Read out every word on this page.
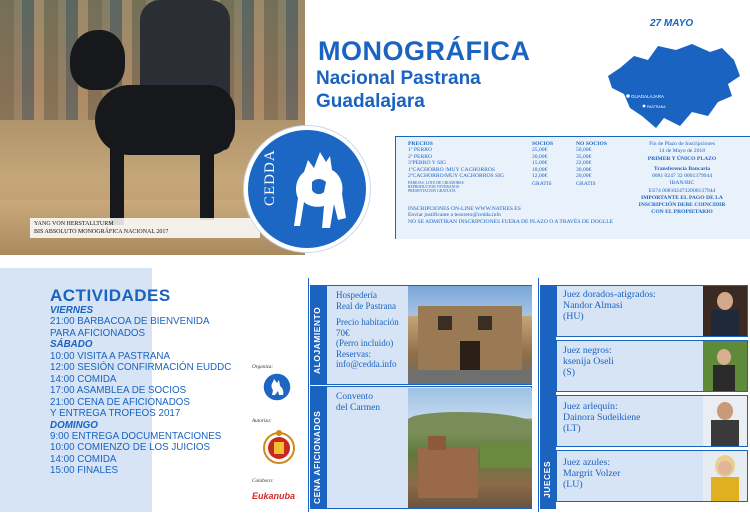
YANG VON HERSTALLTURM
BIS ABSOLUTO MONOGRÁFICA NACIONAL 2017
CEDDA
27 MAYO
MONOGRÁFICA
Nacional Pastrana
Guadalajara	GUADALAJARA
PASTRANA
PRECIOS
1º PERRO
2º PERRO
3ºPERRO Y SIG
1ºCACHORRO /MUY CACHORROS
2ºCACHORRO/MUY CACHORROS SIG
PAREJAS, LOTE DE CRIADORES
REPRODUCTOR VETERANOS
PRESENTACION GRATUITA
SOCIOS
25,00€
20,00€
15,00€
18,00€
12,00€
GRATIS
NO SOCIOS
50,00€
35,00€
22,00€
30,00€
20,00€
GRATIS
INSCRIPCIONES ON-LINE WWW.NATRES.ES
Enviar justificante a tesorero@cedda.info
NO SE ADMITIRAN INSCRIPCIONES FUERA DE PLAZO O A TRAVÉS DE DOGLLE
Fin de Plazo de Inscripciones
14 de Mayo de 2018
PRIMER Y ÚNICO PLAZO
Transferencia Bancaria
0081 0247 32 0001379944
IBAN/BIC
ES74 0081024732000137944
IMPORTANTE EL PAGO DE LA
INSCRIPCIÓN DEBE COINCIDIR
CON EL PROPIETARIO
ACTIVIDADES
VIERNES
21:00 BARBACOA DE BIENVENIDA
PARA AFICIONADOS
SÁBADO
10:00 VISITA A PASTRANA
12:00 SESIÓN CONFIRMACIÓN EUDDC
14:00 COMIDA
17:00 ASAMBLEA DE SOCIOS
21:00 CENA DE AFICIONADOS
Y ENTREGA TROFEOS 2017
DOMINGO
9:00 ENTREGA DOCUMENTACIONES
10:00 COMIENZO DE LOS JUICIOS
14:00 COMIDA
15:00 FINALES
Organiza:
Autoriza:
Colabora:
Eukanuba
ALOJAMIENTO
Hospedería
Real de Pastrana
Precio habitación
70€
(Perro incluido)
Reservas:
info@cedda.info
CENA AFICIONADOS
Convento
del Carmen
JUECES
Juez dorados-atigrados:
Nandor Almasi
(HU)
Juez negros:
ksenija Oseli
(S)
Juez arlequín:
Dainora Sudeikiene
(LT)
Juez azules:
Margrit Volzer
(LU)
